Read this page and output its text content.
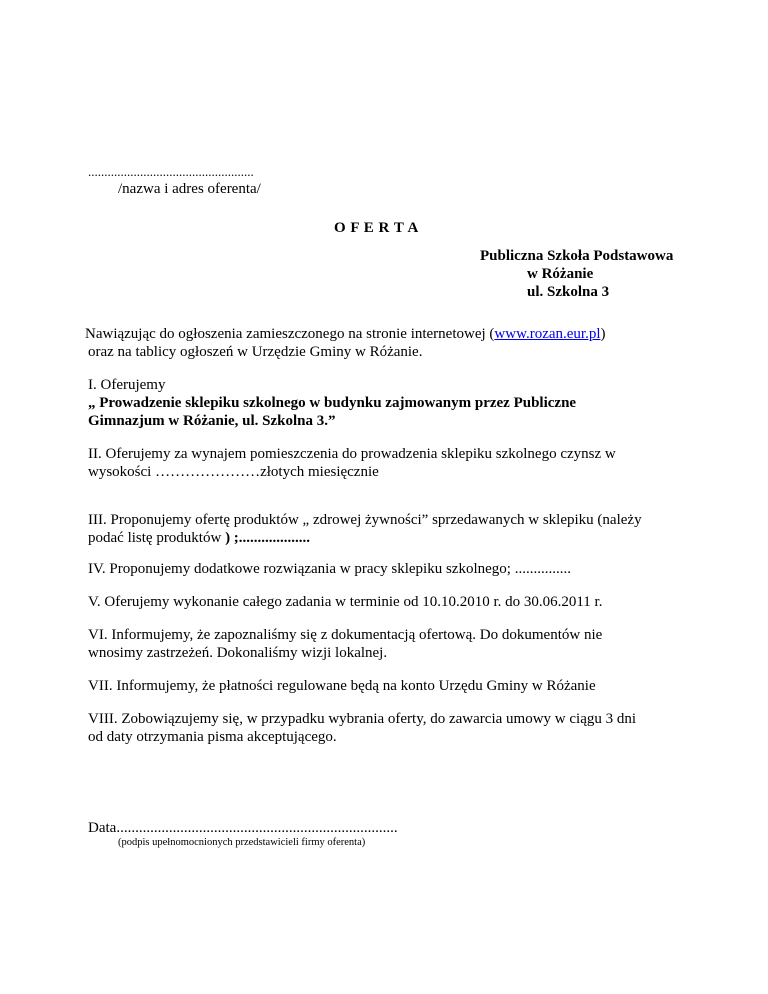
...................................................
/nazwa i adres oferenta/
O F E R T A
Publiczna Szkoła Podstawowa
w Różanie
ul. Szkolna 3
Nawiązując do ogłoszenia zamieszczonego na stronie internetowej (www.rozan.eur.pl)
oraz na tablicy ogłoszeń w Urzędzie Gminy w Różanie.
I. Oferujemy
„ Prowadzenie sklepiku szkolnego w budynku zajmowanym przez Publiczne
Gimnazjum w Różanie, ul. Szkolna 3.”
II. Oferujemy za wynajem pomieszczenia do prowadzenia sklepiku szkolnego czynsz w
wysokości …………………złotych miesięcznie
III. Proponujemy ofertę produktów „ zdrowej żywności” sprzedawanych w sklepiku (należy
podać listę produktów ) ;...................
IV. Proponujemy dodatkowe rozwiązania w pracy sklepiku szkolnego; ...............
V. Oferujemy wykonanie całego zadania w terminie od 10.10.2010 r. do 30.06.2011 r.
VI. Informujemy, że zapoznaliśmy się z dokumentacją ofertową. Do dokumentów nie
wnosimy zastrzeżeń. Dokonaliśmy wizji lokalnej.
VII. Informujemy, że płatności regulowane będą na konto Urzędu Gminy w Różanie
VIII. Zobowiązujemy się, w przypadku wybrania oferty, do zawarcia umowy w ciągu 3 dni
od daty otrzymania pisma akceptującego.
Data...........................................................................
(podpis upełnomocnionych przedstawicieli firmy oferenta)
